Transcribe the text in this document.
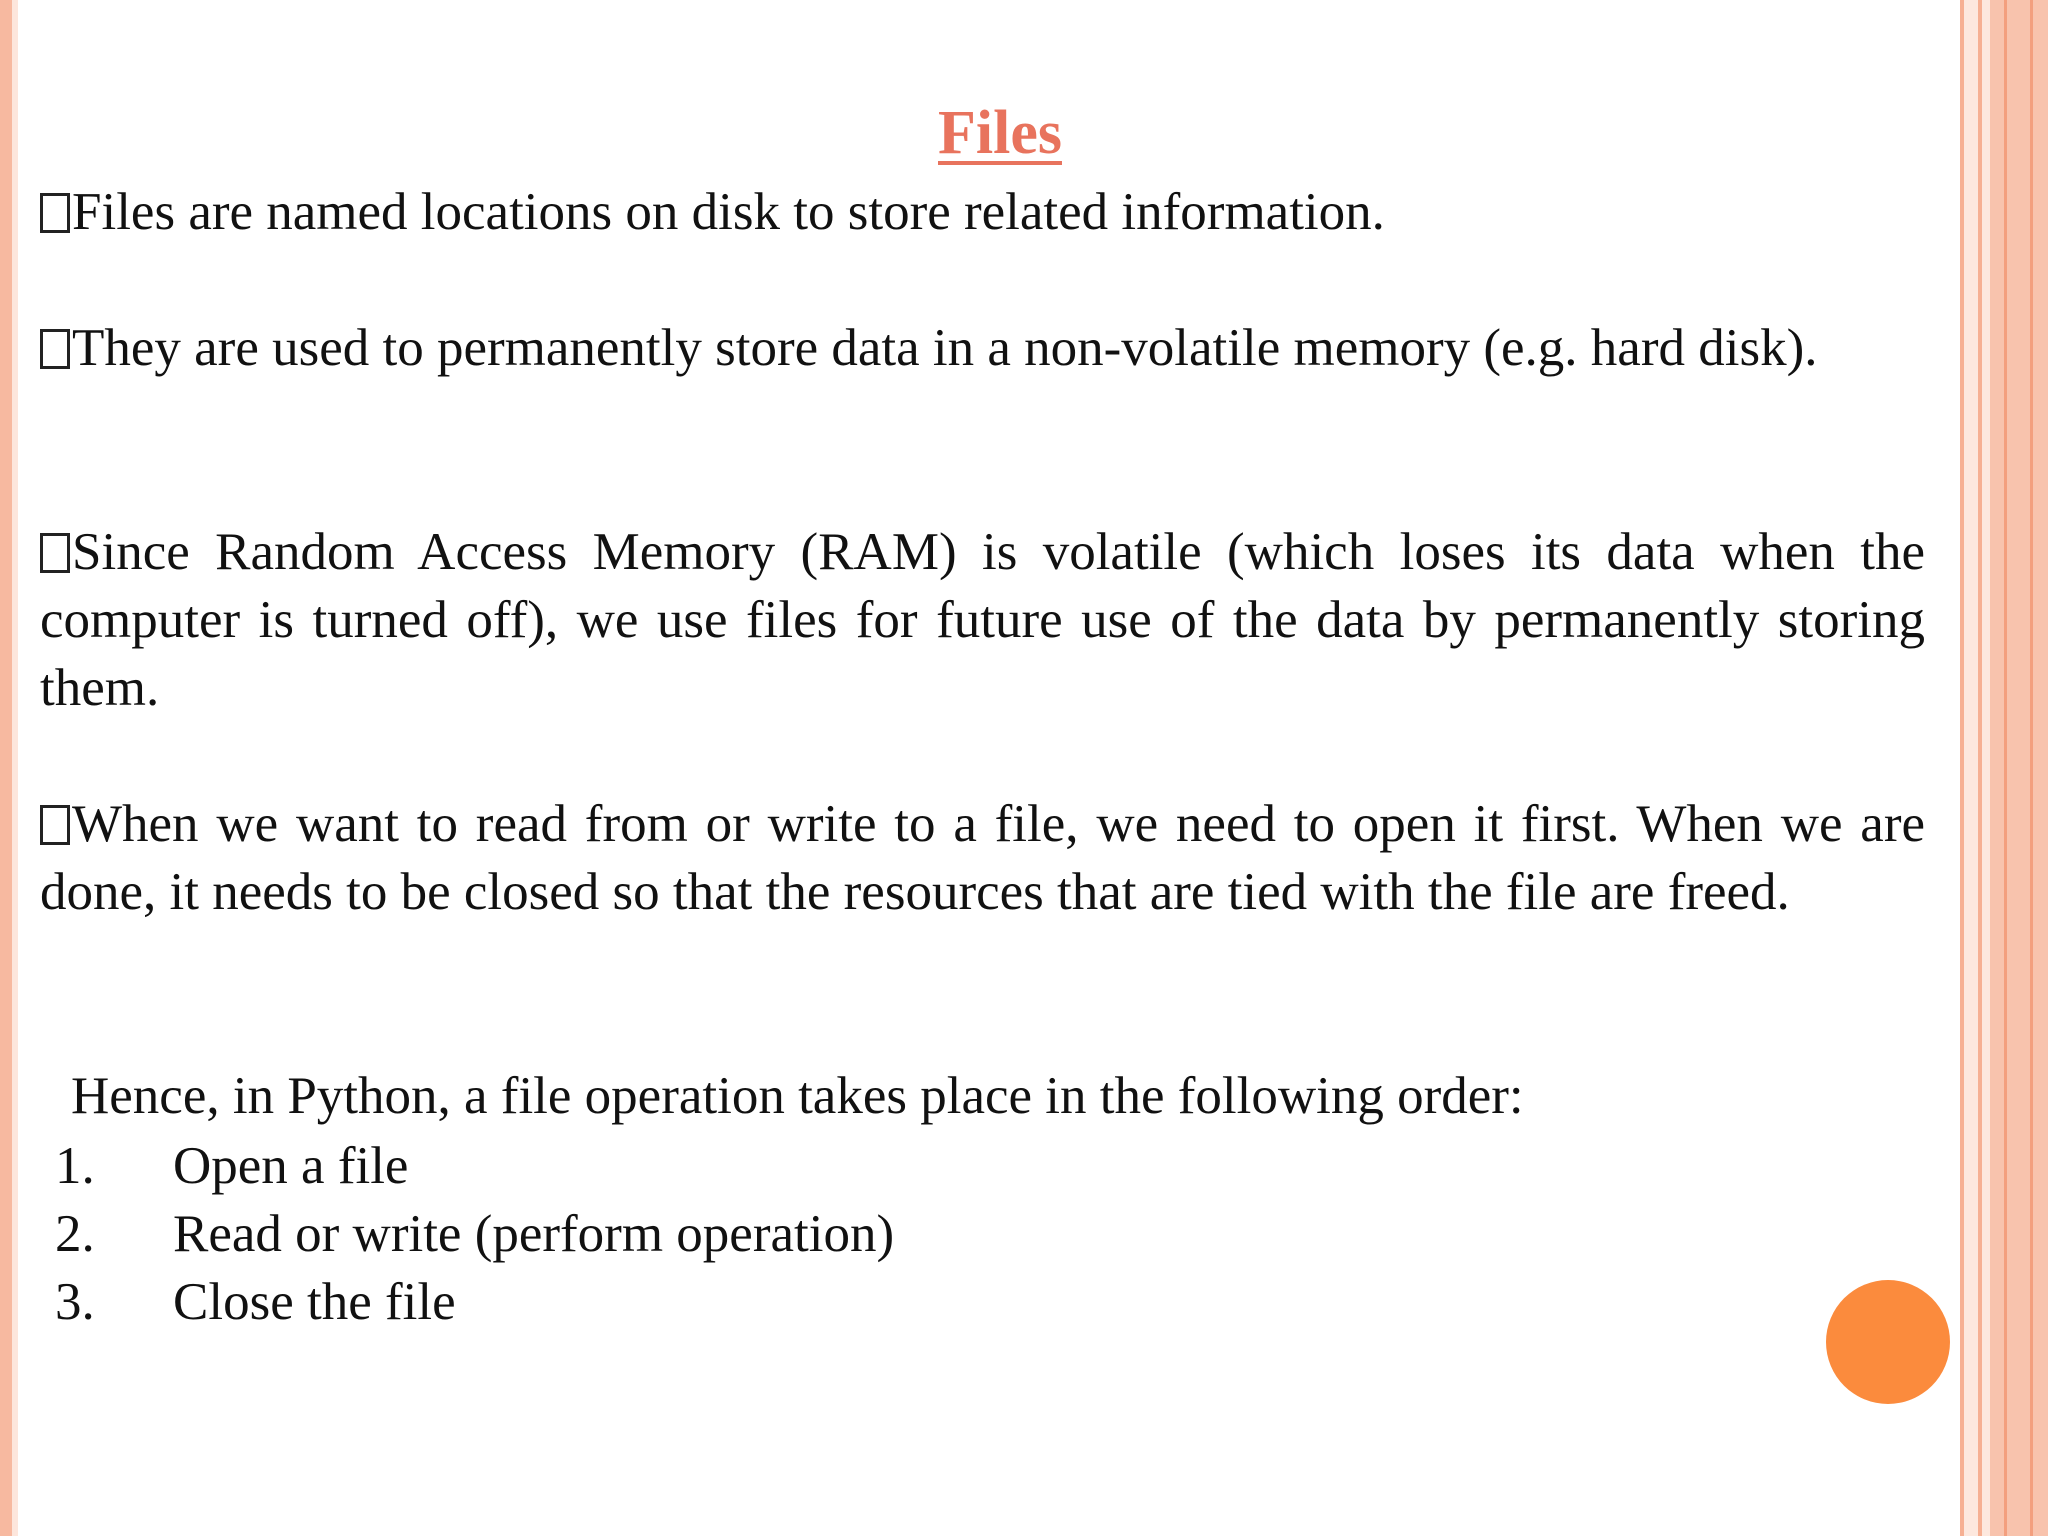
Files

Files are named locations on disk to store related information.

They are used to permanently store data in a non-volatile memory (e.g. hard disk).

Since Random Access Memory (RAM) is volatile (which loses its data when the computer is turned off), we use files for future use of the data by permanently storing them.

When we want to read from or write to a file, we need to open it first. When we are done, it needs to be closed so that the resources that are tied with the file are freed.

Hence, in Python, a file operation takes place in the following order:

1.	Open a file
2.	Read or write (perform operation)
3.	Close the file
